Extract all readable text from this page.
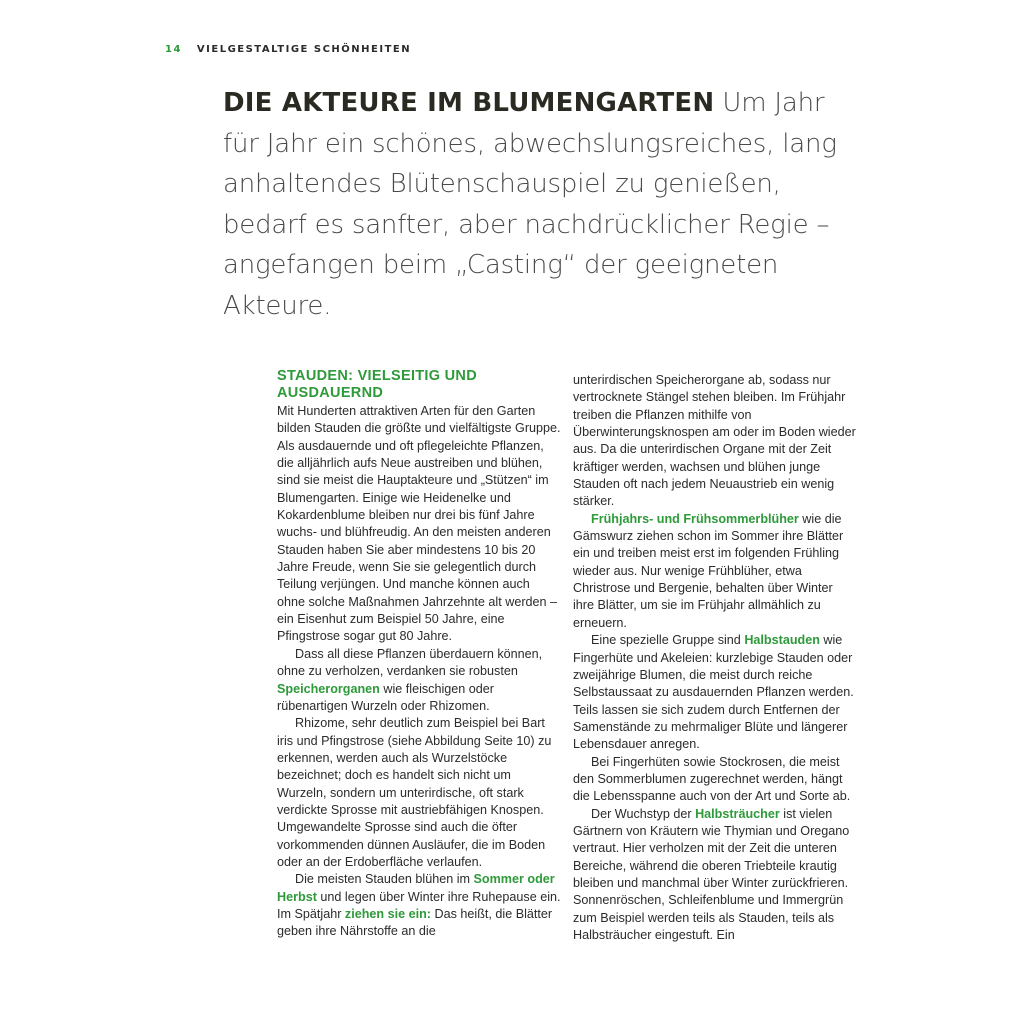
14 VIELGESTALTIGE SCHÖNHEITEN
DIE AKTEURE IM BLUMENGARTEN Um Jahr für Jahr ein schönes, abwechslungsreiches, lang anhaltendes Blütenschauspiel zu genießen, bedarf es sanfter, aber nachdrücklicher Regie – angefangen beim „Casting“ der geeigneten Akteure.
STAUDEN: VIELSEITIG UND AUSDAUERND

Mit Hunderten attraktiven Arten für den Garten bilden Stauden die größte und vielfältigste Gruppe. Als ausdauernde und oft pflegeleichte Pflanzen, die alljährlich aufs Neue austreiben und blühen, sind sie meist die Hauptakteure und „Stützen“ im Blumengarten. Einige wie Heidenelke und Kokardenblume bleiben nur drei bis fünf Jahre wuchs- und blühfreudig. An den meisten anderen Stauden haben Sie aber mindestens 10 bis 20 Jahre Freude, wenn Sie sie gelegentlich durch Teilung verjüngen. Und manche können auch ohne solche Maßnahmen Jahrzehnte alt werden – ein Eisenhut zum Beispiel 50 Jahre, eine Pfingstrose sogar gut 80 Jahre.

Dass all diese Pflanzen überdauern können, ohne zu verholzen, verdanken sie robusten Speicherorganen wie fleischigen oder rübenartigen Wurzeln oder Rhizomen.

Rhizome, sehr deutlich zum Beispiel bei Bart iris und Pfingstrose (siehe Abbildung Seite 10) zu erkennen, werden auch als Wurzelstöcke bezeichnet; doch es handelt sich nicht um Wurzeln, sondern um unterirdische, oft stark verdickte Sprosse mit austriebfähigen Knospen. Umgewandelte Sprosse sind auch die öfter vorkommenden dünnen Ausläufer, die im Boden oder an der Erdoberfläche verlaufen.

Die meisten Stauden blühen im Sommer oder Herbst und legen über Winter ihre Ruhepause ein. Im Spätjahr ziehen sie ein: Das heißt, die Blätter geben ihre Nährstoffe an die

unterirdischen Speicherorgane ab, sodass nur vertrocknete Stängel stehen bleiben. Im Frühjahr treiben die Pflanzen mithilfe von Überwinterungsknospen am oder im Boden wieder aus. Da die unterirdischen Organe mit der Zeit kräftiger werden, wachsen und blühen junge Stauden oft nach jedem Neuaustrieb ein wenig stärker.

Frühjahrs- und Frühsommerblüher wie die Gämswurz ziehen schon im Sommer ihre Blätter ein und treiben meist erst im folgenden Frühling wieder aus. Nur wenige Frühblüher, etwa Christrose und Bergenie, behalten über Winter ihre Blätter, um sie im Frühjahr allmählich zu erneuern.

Eine spezielle Gruppe sind Halbstauden wie Fingerhüte und Akeleien: kurzlebige Stauden oder zweijährige Blumen, die meist durch reiche Selbstaussaat zu ausdauernden Pflanzen werden. Teils lassen sie sich zudem durch Entfernen der Samenstände zu mehrmaliger Blüte und längerer Lebensdauer anregen.

Bei Fingerhüten sowie Stockrosen, die meist den Sommerblumen zugerechnet werden, hängt die Lebensspanne auch von der Art und Sorte ab.

Der Wuchstyp der Halbsträucher ist vielen Gärtnern von Kräutern wie Thymian und Oregano vertraut. Hier verholzen mit der Zeit die unteren Bereiche, während die oberen Triebteile krautig bleiben und manchmal über Winter zurückfrieren. Sonnenröschen, Schleifenblume und Immergrün zum Beispiel werden teils als Stauden, teils als Halbsträucher eingestuft. Ein
